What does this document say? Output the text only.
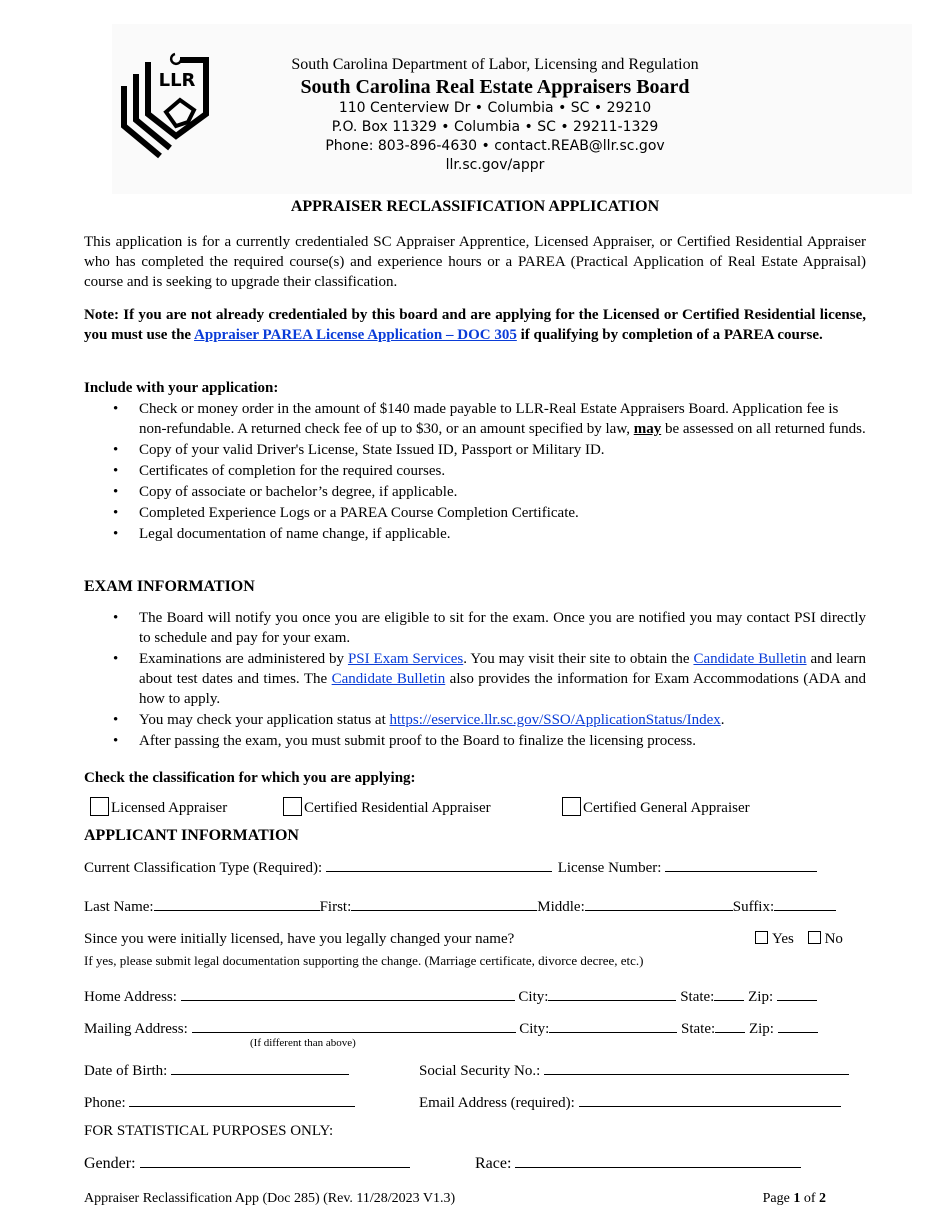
LLR
South Carolina Department of Labor, Licensing and Regulation
South Carolina Real Estate Appraisers Board
110 Centerview Dr • Columbia • SC • 29210
P.O. Box 11329 • Columbia • SC • 29211-1329
Phone: 803-896-4630 • contact.REAB@llr.sc.gov
llr.sc.gov/appr
APPRAISER RECLASSIFICATION APPLICATION
This application is for a currently credentialed SC Appraiser Apprentice, Licensed Appraiser, or Certified Residential Appraiser who has completed the required course(s) and experience hours or a PAREA (Practical Application of Real Estate Appraisal) course and is seeking to upgrade their classification.
Note: If you are not already credentialed by this board and are applying for the Licensed or Certified Residential license, you must use the Appraiser PAREA License Application – DOC 305 if qualifying by completion of a PAREA course.
Include with your application:
• Check or money order in the amount of $140 made payable to LLR-Real Estate Appraisers Board. Application fee is non-refundable. A returned check fee of up to $30, or an amount specified by law, may be assessed on all returned funds.
• Copy of your valid Driver's License, State Issued ID, Passport or Military ID.
• Certificates of completion for the required courses.
• Copy of associate or bachelor’s degree, if applicable.
• Completed Experience Logs or a PAREA Course Completion Certificate.
• Legal documentation of name change, if applicable.
EXAM INFORMATION
• The Board will notify you once you are eligible to sit for the exam. Once you are notified you may contact PSI directly to schedule and pay for your exam.
• Examinations are administered by PSI Exam Services. You may visit their site to obtain the Candidate Bulletin and learn about test dates and times. The Candidate Bulletin also provides the information for Exam Accommodations (ADA and how to apply.
• You may check your application status at https://eservice.llr.sc.gov/SSO/ApplicationStatus/Index.
• After passing the exam, you must submit proof to the Board to finalize the licensing process.
Check the classification for which you are applying:
Licensed Appraiser	Certified Residential Appraiser	Certified General Appraiser
APPLICANT INFORMATION
Current Classification Type (Required):	License Number:
Last Name:	First:	Middle:	Suffix:
Since you were initially licensed, have you legally changed your name?	Yes No
If yes, please submit legal documentation supporting the change. (Marriage certificate, divorce decree, etc.)
Home Address:	City:	State: Zip:
Mailing Address:	City:	State: Zip:
(If different than above)
Date of Birth:	Social Security No.:
Phone:	Email Address (required):
FOR STATISTICAL PURPOSES ONLY:
Gender:	Race:
Appraiser Reclassification App (Doc 285) (Rev. 11/28/2023 V1.3)	Page 1 of 2
